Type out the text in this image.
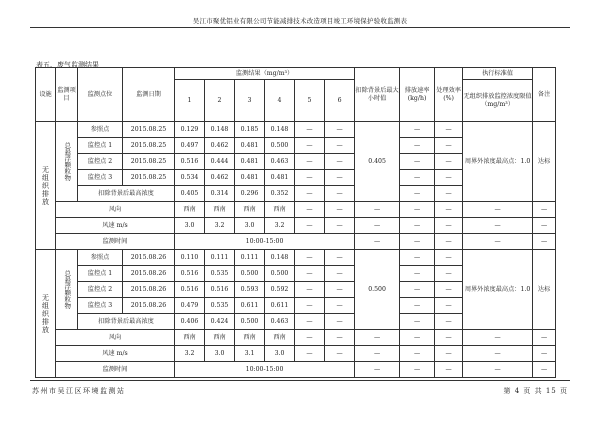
吴江市聚优铝业有限公司节能减排技术改造项目竣工环境保护验收监测表
表五、废气监测结果
设施	监测项目	监测点位	监测日期	监测结果（mg/m³）						扣除背景后最大小时值	排放速率(kg/h)	处理效率(%)	执行标准值	备注
				1	2	3	4	5	6				无组织排放监控浓度限值（mg/m³）	

无组织排放	总悬浮颗粒物	参照点	2015.08.25	0.129	0.148	0.185	0.148	—	—	0.405	—	—	周界外浓度最高点：1.0	达标
		监控点 1	2015.08.25	0.497	0.462	0.481	0.500	—	—		—	—		
		监控点 2	2015.08.25	0.516	0.444	0.481	0.463	—	—		—	—		
		监控点 3	2015.08.25	0.534	0.462	0.481	0.481	—	—		—	—		
		扣除背景后最高浓度		0.405	0.314	0.296	0.352	—	—		—	—		
	风向			西南	西南	西南	西南	—	—	—	—	—	—	—
	风速 m/s			3.0	3.2	3.0	3.2	—	—	—	—	—	—	—
	监测时间			10:00-15:00						—	—	—	—	—

无组织排放	总悬浮颗粒物	参照点	2015.08.26	0.110	0.111	0.111	0.148	—	—	0.500	—	—	周界外浓度最高点：1.0	达标
		监控点 1	2015.08.26	0.516	0.535	0.500	0.500	—	—		—	—		
		监控点 2	2015.08.26	0.516	0.516	0.593	0.592	—	—		—	—		
		监控点 3	2015.08.26	0.479	0.535	0.611	0.611	—	—		—	—		
		扣除背景后最高浓度		0.406	0.424	0.500	0.463	—	—		—	—		
	风向			西南	西南	西南	西南	—	—	—	—	—	—	—
	风速 m/s			3.2	3.0	3.1	3.0	—	—	—	—	—	—	—
	监测时间			10:00-15:00						—	—	—	—	—
苏州市吴江区环境监测站	第 4 页 共 15 页
